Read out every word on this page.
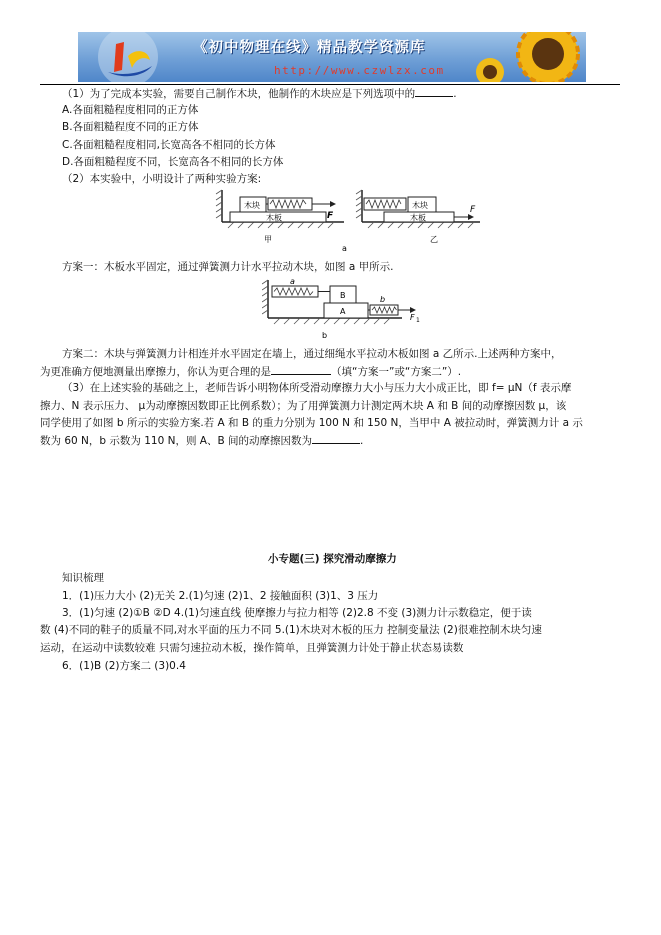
《初中物理在线》精品教学资源库
http://www.czwlzx.com
（1）为了完成本实验，需要自己制作木块，他制作的木块应是下列选项中的	.
A.各面粗糙程度相同的正方体
B.各面粗糙程度不同的正方体
C.各面粗糙程度相同,长宽高各不相同的长方体
D.各面粗糙程度不同，长宽高各不相同的长方体
（2）本实验中，小明设计了两种实验方案:
木板
木块
F
甲
木块
木板
F
乙
a
方案一：木板水平固定，通过弹簧测力计水平拉动木块，如图 a 甲所示.
a
B
A
b
F 1
b
方案二：木块与弹簧测力计相连并水平固定在墙上，通过细绳水平拉动木板如图 a 乙所示.上述两种方案中，
为更准确方便地测量出摩擦力，你认为更合理的是	（填“方案一”或“方案二”）.
（3）在上述实验的基础之上，老师告诉小明物体所受滑动摩擦力大小与压力大小成正比，即 f= μN（f 表示摩
擦力、N 表示压力、 μ为动摩擦因数即正比例系数）；为了用弹簧测力计测定两木块 A 和 B 间的动摩擦因数 μ，该
同学使用了如图 b 所示的实验方案.若 A 和 B 的重力分别为 100 N 和 150 N，当甲中 A 被拉动时，弹簧测力计 a 示
数为 60 N，b 示数为 110 N，则 A、B 间的动摩擦因数为	.
小专题(三) 探究滑动摩擦力
知识梳理
1．(1)压力大小 (2)无关 2.(1)匀速 (2)1、2 接触面积 (3)1、3 压力
3．(1)匀速 (2)①B ②D 4.(1)匀速直线 使摩擦力与拉力相等 (2)2.8 不变 (3)测力计示数稳定，便于读
数 (4)不同的鞋子的质量不同,对水平面的压力不同 5.(1)木块对木板的压力 控制变量法 (2)很难控制木块匀速
运动，在运动中读数较难 只需匀速拉动木板，操作简单，且弹簧测力计处于静止状态易读数
6．(1)B (2)方案二 (3)0.4
